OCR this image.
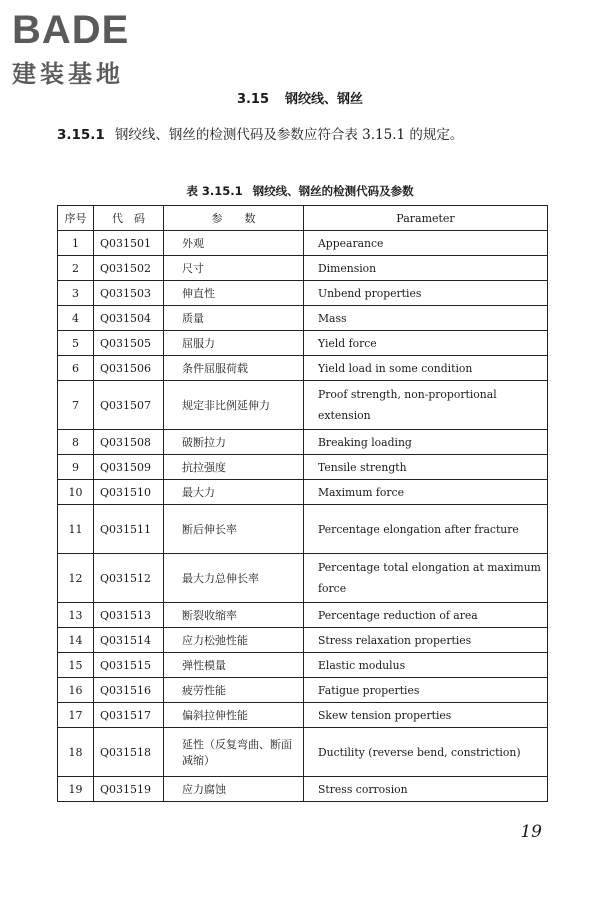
BADE
建装基地
3.15 钢绞线、钢丝
3.15.1 钢绞线、钢丝的检测代码及参数应符合表 3.15.1 的规定。
表 3.15.1 钢绞线、钢丝的检测代码及参数
序号	代　码	参　　数	Parameter
1	Q031501	外观	Appearance
2	Q031502	尺寸	Dimension
3	Q031503	伸直性	Unbend properties
4	Q031504	质量	Mass
5	Q031505	屈服力	Yield force
6	Q031506	条件屈服荷载	Yield load in some condition
7	Q031507	规定非比例延伸力	Proof strength, non-proportional extension
8	Q031508	破断拉力	Breaking loading
9	Q031509	抗拉强度	Tensile strength
10	Q031510	最大力	Maximum force
11	Q031511	断后伸长率	Percentage elongation after fracture
12	Q031512	最大力总伸长率	Percentage total elongation at maximum force
13	Q031513	断裂收缩率	Percentage reduction of area
14	Q031514	应力松弛性能	Stress relaxation properties
15	Q031515	弹性模量	Elastic modulus
16	Q031516	疲劳性能	Fatigue properties
17	Q031517	偏斜拉伸性能	Skew tension properties
18	Q031518	延性（反复弯曲、断面减缩）	Ductility (reverse bend, constriction)
19	Q031519	应力腐蚀	Stress corrosion
19
